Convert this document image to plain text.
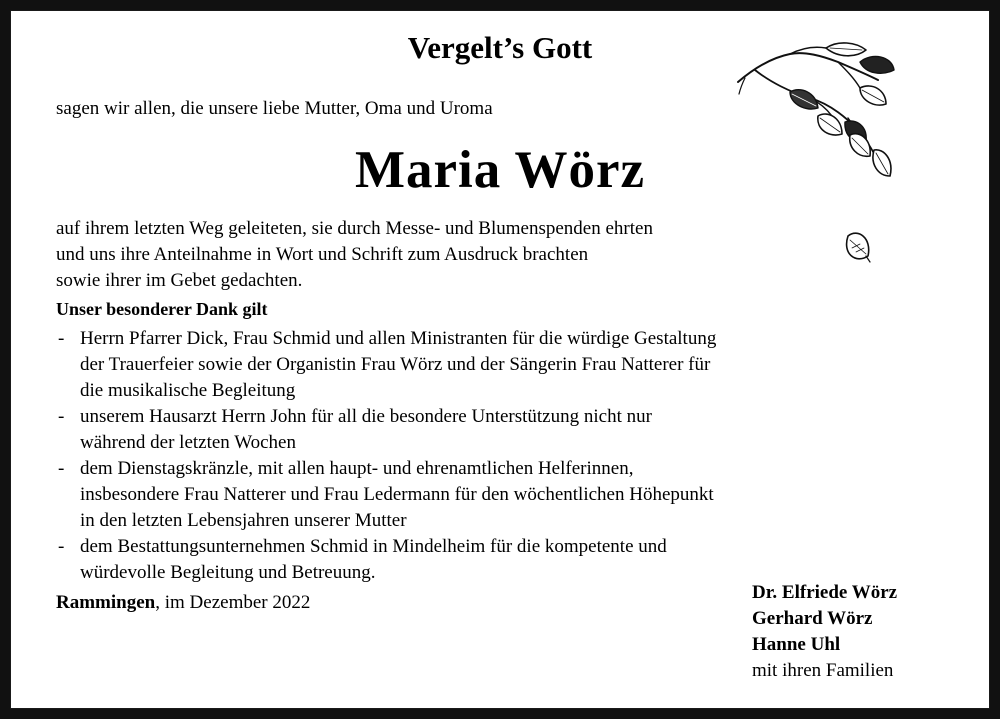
Vergelt’s Gott
sagen wir allen, die unsere liebe Mutter, Oma und Uroma
Maria Wörz
auf ihrem letzten Weg geleiteten, sie durch Messe- und Blumenspenden ehrten
und uns ihre Anteilnahme in Wort und Schrift zum Ausdruck brachten
sowie ihrer im Gebet gedachten.
Unser besonderer Dank gilt
- Herrn Pfarrer Dick, Frau Schmid und allen Ministranten für die würdige Gestaltung
der Trauerfeier sowie der Organistin Frau Wörz und der Sängerin Frau Natterer für
die musikalische Begleitung
- unserem Hausarzt Herrn John für all die besondere Unterstützung nicht nur
während der letzten Wochen
- dem Dienstagskränzle, mit allen haupt- und ehrenamtlichen Helferinnen,
insbesondere Frau Natterer und Frau Ledermann für den wöchentlichen Höhepunkt
in den letzten Lebensjahren unserer Mutter
- dem Bestattungsunternehmen Schmid in Mindelheim für die kompetente und
würdevolle Begleitung und Betreuung.
Rammingen, im Dezember 2022	Dr. Elfriede Wörz
Gerhard Wörz
Hanne Uhl
mit ihren Familien
